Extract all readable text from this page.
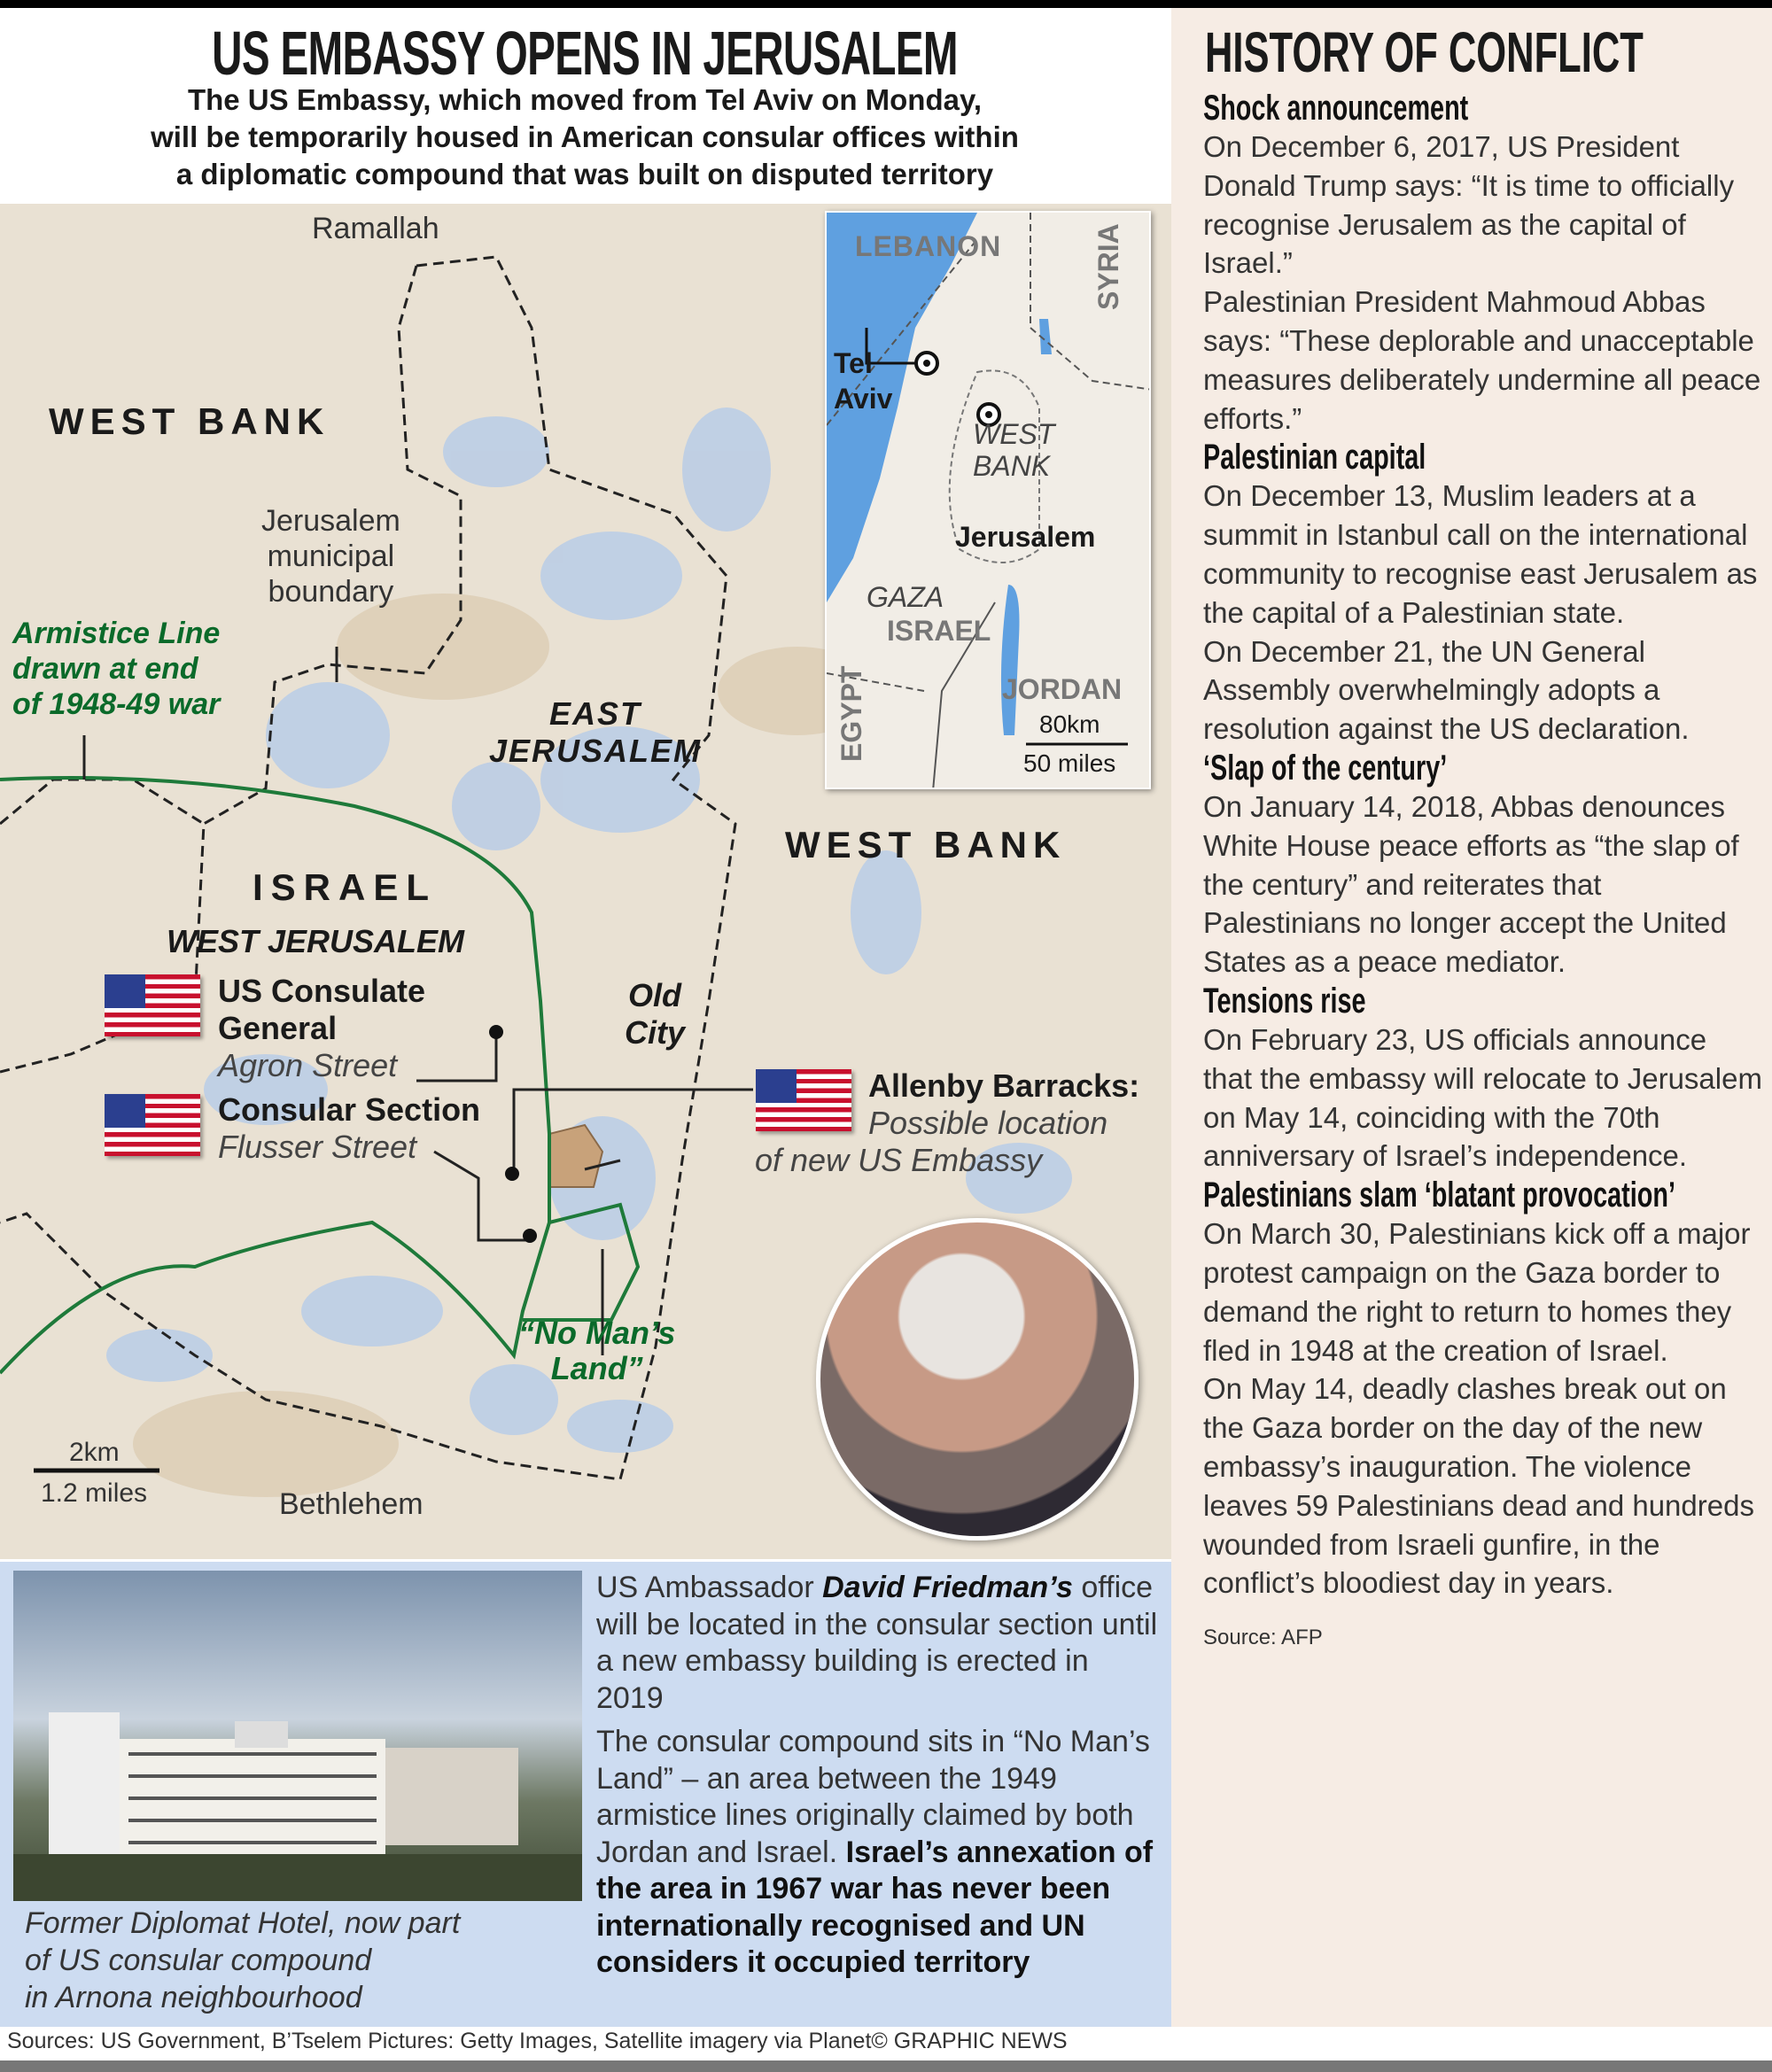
US EMBASSY OPENS IN JERUSALEM
The US Embassy, which moved from Tel Aviv on Monday,
will be temporarily housed in American consular offices within
a diplomatic compound that was built on disputed territory
Ramallah
WEST BANK
Jerusalem
municipal
boundary
Armistice Line
drawn at end
of 1948-49 war	EAST
JERUSALEM
WEST BANK
ISRAEL
WEST JERUSALEM
US Consulate
General
Agron Street
Consular Section
Flusser Street
Old
City
Allenby Barracks:
Possible location
of new US Embassy
“No Man’s
Land”
2km
1.2 miles	Bethlehem
LEBANON	SYRIA
Tel
Aviv
WEST
BANK
Jerusalem
GAZA
ISRAEL
EGYPT	JORDAN
80km
50 miles
Former Diplomat Hotel, now part
of US consular compound
in Arnona neighbourhood

US Ambassador David Friedman’s office will be located in the consular section until a new embassy building is erected in 2019

The consular compound sits in “No Man’s Land” – an area between the 1949 armistice lines originally claimed by both Jordan and Israel. Israel’s annexation of the area in 1967 war has never been internationally recognised and UN considers it occupied territory

HISTORY OF CONFLICT
Shock announcement

On December 6, 2017, US President Donald Trump says: “It is time to officially recognise Jerusalem as the capital of Israel.”

Palestinian President Mahmoud Abbas says: “These deplorable and unacceptable measures deliberately undermine all peace efforts.”

Palestinian capital

On December 13, Muslim leaders at a summit in Istanbul call on the international community to recognise east Jerusalem as the capital of a Palestinian state.

On December 21, the UN General Assembly overwhelmingly adopts a resolution against the US declaration.

‘Slap of the century’

On January 14, 2018, Abbas denounces White House peace efforts as “the slap of the century” and reiterates that Palestinians no longer accept the United States as a peace mediator.

Tensions rise

On February 23, US officials announce that the embassy will relocate to Jerusalem on May 14, coinciding with the 70th anniversary of Israel’s independence.

Palestinians slam ‘blatant provocation’

On March 30, Palestinians kick off a major protest campaign on the Gaza border to demand the right to return to homes they fled in 1948 at the creation of Israel.

On May 14, deadly clashes break out on the Gaza border on the day of the new embassy’s inauguration. The violence leaves 59 Palestinians dead and hundreds wounded from Israeli gunfire, in the conflict’s bloodiest day in years.

Source: AFP
Sources: US Government, B’Tselem Pictures: Getty Images, Satellite imagery via Planet© GRAPHIC NEWS
